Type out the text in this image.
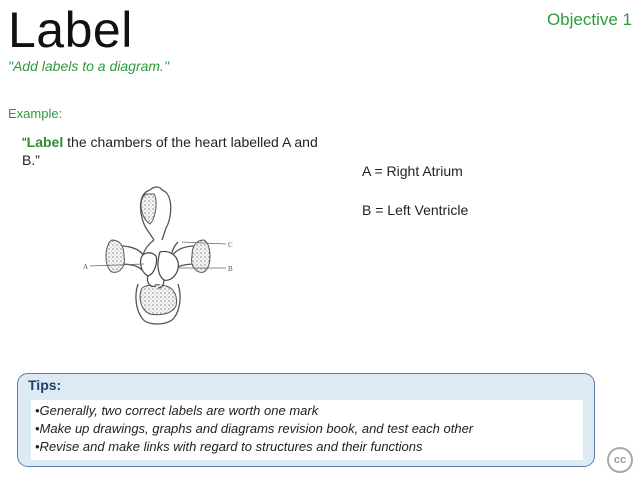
Label	Objective 1
"Add labels to a diagram."
Example:
“Label the chambers of the heart labelled A and B.”
A = Right Atrium
B = Left Ventricle
A
C
B
Tips:
•Generally, two correct labels are worth one mark
•Make up drawings, graphs and diagrams revision book, and test each other
•Revise and make links with regard to structures and their functions
cc
